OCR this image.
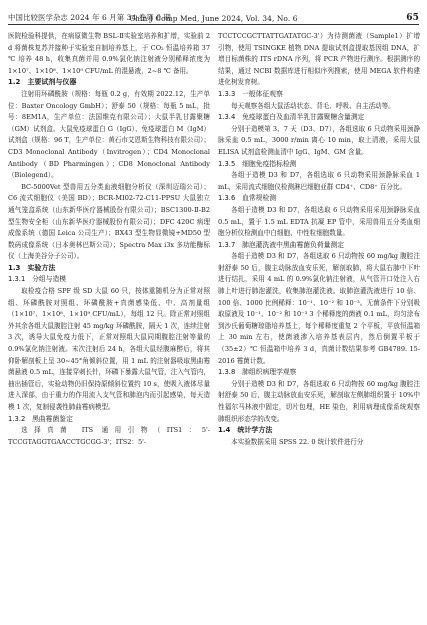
中国比较医学杂志 2024 年 6 月第 34 卷第 6 期
Chin J Comp Med, June 2024, Vol. 34, No. 6	65

医院检验科提供，在病原微生物 BSL-Ⅱ实验室培养和扩增，实验前 2 d 将菌株复苏并接种于实验室自制培养基上，于 CO₂ 恒温培养箱 37 ℃ 培养 48 h，收集真菌并用 0.9%氯化钠注射液分别稀释浓度为 1×10⁷、1×10⁸、1×10⁹ CFU/mL 的混悬液，2~8 ℃ 备用。

1.2　主要试剂与仪器

注射用环磷酰胺（规格：每瓶 0.2 g，有效期 2022.12，生产单位：Baxter Oncology GmbH）；舒泰 50（规格：每瓶 5 mL，批号：8EM1A，生产单位：法国维克有限公司）；大鼠半乳甘露聚糖（GM）试剂盒、大鼠免疫球蛋白 G（IgG）、免疫球蛋白 M（IgM）试剂盒（规格：96 T，生产单位：黄石市艾恩斯生物科技有限公司）；CD3 Monoclonal Antibody（Invitrogen）；CD4 Monoclonal Antibody（BD Pharmingen）；CD8 Monoclonal Antibody（Biolegend）。

BC-5000Vet 型兽用五分类血液细胞分析仪（深圳迈瑞公司）；C6 流式细胞仪（美国 BD）；BCR-MI02-72-C11-PPSU 大鼠独立通气笼盒系统（山东新华医疗器械股份有限公司）；BSC1300-Ⅱ-B2 型生物安全柜（山东新华医疗器械股份有限公司）；DFC 420C 病理成像系统（德国 Leica 公司生产）；BX43 型生物显微镜+MD50 型数码成像系统（日本奥林巴斯公司）；Spectra Max i3x 多功能酶标仪（上海美谷分子公司）。

1.3　实验方法
1.3.1　分组与造模

取检疫合格 SPF 级 SD 大鼠 60 只，按体重随机分为正常对照组、环磷酰胺对照组、环磷酰胺+真菌感染低、中、高剂量组（1×10⁷、1×10⁸、1×10⁹ CFU/mL），每组 12 只。除正常对照组外其余各组大鼠腹腔注射 45 mg/kg 环磷酰胺，隔天 1 次，连续注射 3 次，诱导大鼠免疫力低下，正常对照组大鼠同期腹腔注射等量的 0.9%氯化钠注射液。末次注射后 24 h，各组大鼠经腹麻醉后，将其仰卧解剖板上呈 30~45°角倾斜位置，用 1 mL 的注射器吸取黑曲霉菌悬液 0.5 mL，连接穿刺长针，环磷下暴露大鼠气管，注入气管内，抽出插管后，实验动物仍旧保持原倾斜位置约 10 s，使吸入液体尽量进入深部，由于重力的作用流入支气管和肺泡内而引起感染，每天造模 1 次，复制侵袭性肺曲霉病模型。

1.3.2　黑曲霉菌鉴定

选择真菌 ITS 通用引物（ITS1：5'-TCCGTAGGTGAACCTGCGG-3'；ITS2：5'-

TCCTCCGCTTATTGATATGC-3'）为待测菌液（Sample1）扩增引物，使用 TSINGKE 植物 DNA 提取试剂盒提取基因组 DNA，扩增目标菌株的 ITS rDNA 序列，将 PCR 产物进行测序。根据测序的结果，通过 NCBI 数据库进行相似序列搜索，使用 MEGA 软件构建进化树发育树。

1.3.3　一般体征观察

每天观察各组大鼠活动状态、背毛、呼吸、自主活动等。

1.3.4　免疫球蛋白及血清半乳甘露聚糖含量测定

分别于造模第 3、7 天（D3、D7），各组选取 6 只动物采用颈静脉采血 0.5 mL，3000 r/min 离心 10 min，取上清液，采用大鼠 ELISA 试剂盒检测血清中 IgG、IgM、GM 含量。

1.3.5　细胞免疫指标检测

各组于造模 D3 和 D7，各组选取 6 只动物采用颈静脉采血 1 mL，采用流式细胞仪检测淋巴细胞亚群 CD4⁺、CD8⁺ 百分比。

1.3.6　血常规检测

各组于造模 D3 和 D7，各组选取 6 只动物采用采用颈静脉采血 0.5 mL，置于 1.5 mL EDTA 抗凝 EP 管中，采用兽用五分类血细胞分析仪检测血中白细胞、中性粒细胞数量。

1.3.7　肺泡灌洗液中黑曲霉菌负荷量测定

各组于造模 D3 和 D7，各组选取 6 只动物按 60 mg/kg 腹腔注射舒泰 50 后，腹主动脉放血安乐死，解剖取肺，将大鼠右肺中下叶进行结扎，采用 4 mL 的 0.9%氯化钠注射液，从气管开口处注入右肺上叶进行肺泡灌洗，收集肺泡灌洗液。取肺泡灌洗液进行 10 倍、100 倍、1000 比例稀释：10⁻¹、10⁻² 和 10⁻³。无菌条件下分别吸取原液及 10⁻¹、10⁻² 和 10⁻³ 3 个稀释度的菌液 0.1 mL，均匀涂布到沙氏葡萄糖琼脂培养基上，每个稀释度重复 2 个平板，平放恒温箱上 30 min 左右，使菌液渗入培养基表层内，然后倒置平板于（35±2）℃ 恒温箱中培养 3 d，真菌计数结果参考 GB4789. 15-2016 霉菌计数。

1.3.8　肺组织病理学观察

分别于造模 D3 和 D7，各组选取 6 只动物按 60 mg/kg 腹腔注射舒泰 50 后，腹主动脉放血安乐死，解剖取左侧肺组织置于 10%中性福尔马林液中固定，切片包埋，HE 染色，利用病理成像系统观察肺组织形态学的改变。

1.4　统计学方法

本实验数据采用 SPSS 22. 0 统计软件进行分
